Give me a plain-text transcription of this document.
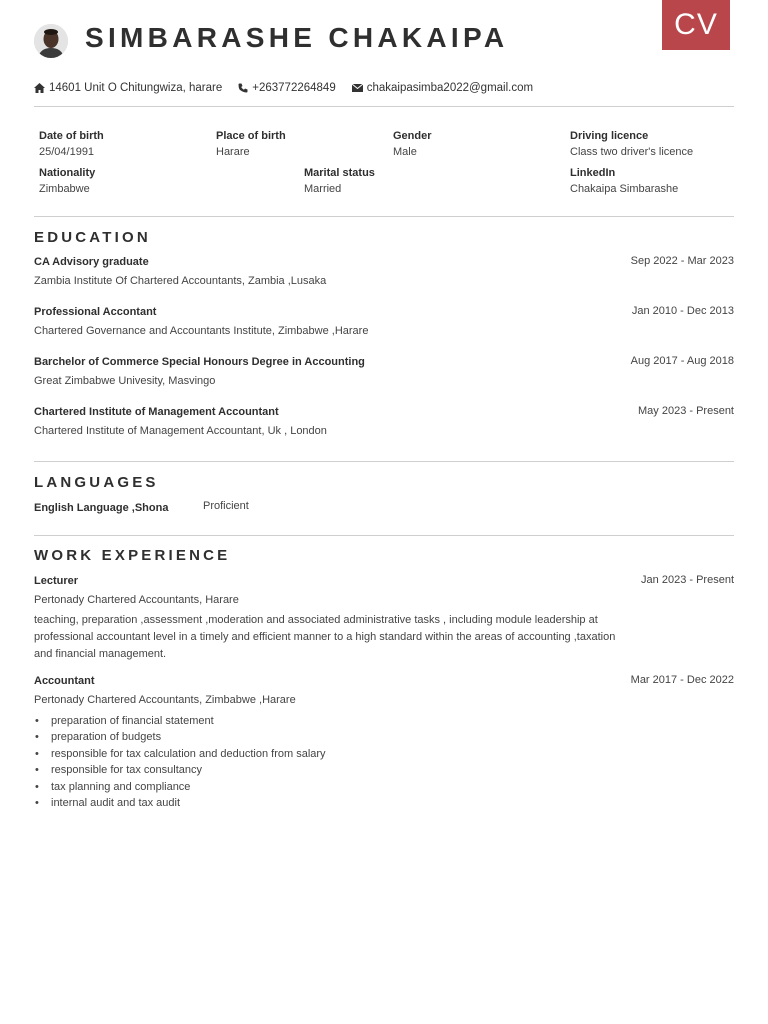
SIMBARASHE CHAKAIPA	CV
14601 Unit O Chitungwiza, harare	+263772264849	chakaipasimba2022@gmail.com
Date of birth
25/04/1991
Place of birth
Harare
Gender
Male
Driving licence
Class two driver's licence
Nationality
Zimbabwe
Marital status
Married
LinkedIn
Chakaipa Simbarashe
EDUCATION
CA Advisory graduate	Sep 2022 - Mar 2023
Zambia Institute Of Chartered Accountants, Zambia ,Lusaka
Professional Accontant	Jan 2010 - Dec 2013
Chartered Governance and Accountants Institute, Zimbabwe ,Harare
Barchelor of Commerce Special Honours Degree in Accounting	Aug 2017 - Aug 2018
Great Zimbabwe Univesity, Masvingo
Chartered Institute of Management Accountant	May 2023 - Present
Chartered Institute of Management Accountant, Uk , London
LANGUAGES
English Language ,Shona	Proficient
WORK EXPERIENCE
Lecturer	Jan 2023 - Present
Pertonady Chartered Accountants, Harare
teaching, preparation ,assessment ,moderation and associated administrative tasks , including module leadership at professional accountant level in a timely and efficient manner to a high standard within the areas of accounting ,taxation and financial management.
Accountant	Mar 2017 - Dec 2022
Pertonady Chartered Accountants, Zimbabwe ,Harare
• preparation of financial statement
• preparation of budgets
• responsible for tax calculation and deduction from salary
• responsible for tax consultancy
• tax planning and compliance
• internal audit and tax audit
